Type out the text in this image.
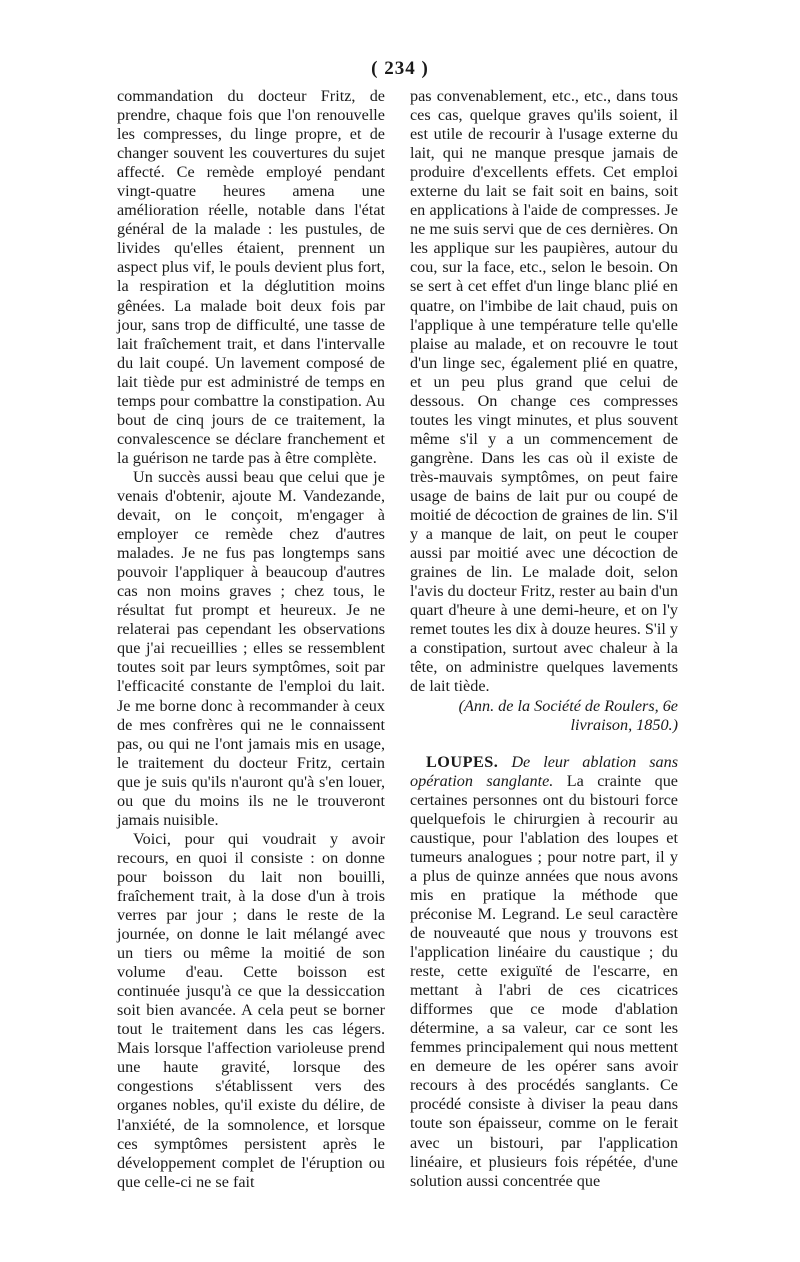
( 234 )

commandation du docteur Fritz, de prendre, chaque fois que l'on renouvelle les compresses, du linge propre, et de changer souvent les couvertures du sujet affecté. Ce remède employé pendant vingt-quatre heures amena une amélioration réelle, notable dans l'état général de la malade : les pustules, de livides qu'elles étaient, prennent un aspect plus vif, le pouls devient plus fort, la respiration et la déglutition moins gênées. La malade boit deux fois par jour, sans trop de difficulté, une tasse de lait fraîchement trait, et dans l'intervalle du lait coupé. Un lavement composé de lait tiède pur est administré de temps en temps pour combattre la constipation. Au bout de cinq jours de ce traitement, la convalescence se déclare franchement et la guérison ne tarde pas à être complète.

Un succès aussi beau que celui que je venais d'obtenir, ajoute M. Vandezande, devait, on le conçoit, m'engager à employer ce remède chez d'autres malades. Je ne fus pas longtemps sans pouvoir l'appliquer à beaucoup d'autres cas non moins graves ; chez tous, le résultat fut prompt et heureux. Je ne relaterai pas cependant les observations que j'ai recueillies ; elles se ressemblent toutes soit par leurs symptômes, soit par l'efficacité constante de l'emploi du lait. Je me borne donc à recommander à ceux de mes confrères qui ne le connaissent pas, ou qui ne l'ont jamais mis en usage, le traitement du docteur Fritz, certain que je suis qu'ils n'auront qu'à s'en louer, ou que du moins ils ne le trouveront jamais nuisible.

Voici, pour qui voudrait y avoir recours, en quoi il consiste : on donne pour boisson du lait non bouilli, fraîchement trait, à la dose d'un à trois verres par jour ; dans le reste de la journée, on donne le lait mélangé avec un tiers ou même la moitié de son volume d'eau. Cette boisson est continuée jusqu'à ce que la dessiccation soit bien avancée. A cela peut se borner tout le traitement dans les cas légers. Mais lorsque l'affection varioleuse prend une haute gravité, lorsque des congestions s'établissent vers des organes nobles, qu'il existe du délire, de l'anxiété, de la somnolence, et lorsque ces symptômes persistent après le développement complet de l'éruption ou que celle-ci ne se fait

pas convenablement, etc., etc., dans tous ces cas, quelque graves qu'ils soient, il est utile de recourir à l'usage externe du lait, qui ne manque presque jamais de produire d'excellents effets. Cet emploi externe du lait se fait soit en bains, soit en applications à l'aide de compresses. Je ne me suis servi que de ces dernières. On les applique sur les paupières, autour du cou, sur la face, etc., selon le besoin. On se sert à cet effet d'un linge blanc plié en quatre, on l'imbibe de lait chaud, puis on l'applique à une température telle qu'elle plaise au malade, et on recouvre le tout d'un linge sec, également plié en quatre, et un peu plus grand que celui de dessous. On change ces compresses toutes les vingt minutes, et plus souvent même s'il y a un commencement de gangrène. Dans les cas où il existe de très-mauvais symptômes, on peut faire usage de bains de lait pur ou coupé de moitié de décoction de graines de lin. S'il y a manque de lait, on peut le couper aussi par moitié avec une décoction de graines de lin. Le malade doit, selon l'avis du docteur Fritz, rester au bain d'un quart d'heure à une demi-heure, et on l'y remet toutes les dix à douze heures. S'il y a constipation, surtout avec chaleur à la tête, on administre quelques lavements de lait tiède.

(Ann. de la Société de Roulers, 6e livraison, 1850.)

LOUPES. De leur ablation sans opération sanglante. La crainte que certaines personnes ont du bistouri force quelquefois le chirurgien à recourir au caustique, pour l'ablation des loupes et tumeurs analogues ; pour notre part, il y a plus de quinze années que nous avons mis en pratique la méthode que préconise M. Legrand. Le seul caractère de nouveauté que nous y trouvons est l'application linéaire du caustique ; du reste, cette exiguïté de l'escarre, en mettant à l'abri de ces cicatrices difformes que ce mode d'ablation détermine, a sa valeur, car ce sont les femmes principalement qui nous mettent en demeure de les opérer sans avoir recours à des procédés sanglants. Ce procédé consiste à diviser la peau dans toute son épaisseur, comme on le ferait avec un bistouri, par l'application linéaire, et plusieurs fois répétée, d'une solution aussi concentrée que
